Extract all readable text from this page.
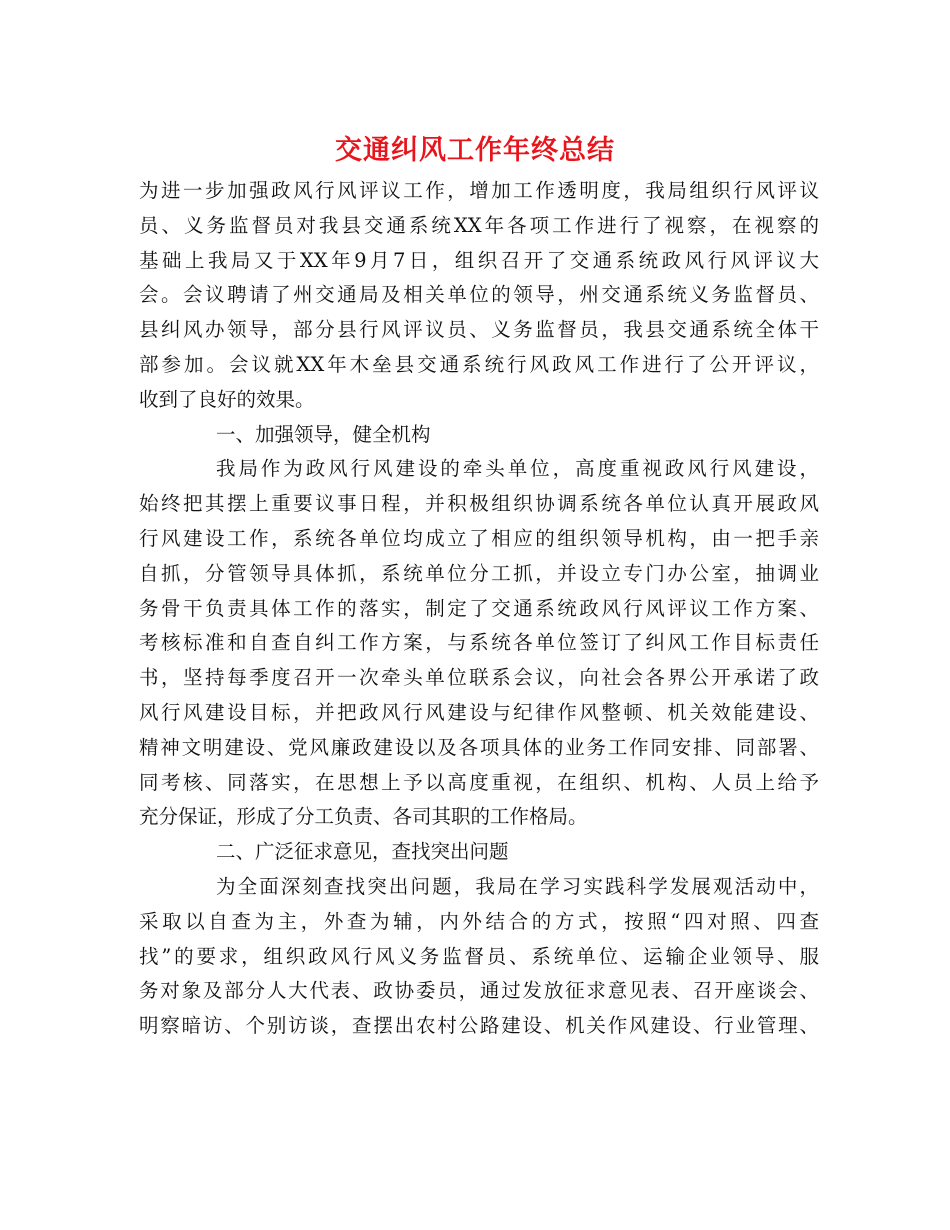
交通纠风工作年终总结
为进一步加强政风行风评议工作，增加工作透明度，我局组织行风评议
员、义务监督员对我县交通系统XX年各项工作进行了视察，在视察的
基础上我局又于XX年9月7日，组织召开了交通系统政风行风评议大
会。会议聘请了州交通局及相关单位的领导，州交通系统义务监督员、
县纠风办领导，部分县行风评议员、义务监督员，我县交通系统全体干
部参加。会议就XX年木垒县交通系统行风政风工作进行了公开评议，
收到了良好的效果。
一、加强领导，健全机构
我局作为政风行风建设的牵头单位，高度重视政风行风建设，
始终把其摆上重要议事日程，并积极组织协调系统各单位认真开展政风
行风建设工作，系统各单位均成立了相应的组织领导机构，由一把手亲
自抓，分管领导具体抓，系统单位分工抓，并设立专门办公室，抽调业
务骨干负责具体工作的落实，制定了交通系统政风行风评议工作方案、
考核标准和自查自纠工作方案，与系统各单位签订了纠风工作目标责任
书，坚持每季度召开一次牵头单位联系会议，向社会各界公开承诺了政
风行风建设目标，并把政风行风建设与纪律作风整顿、机关效能建设、
精神文明建设、党风廉政建设以及各项具体的业务工作同安排、同部署、
同考核、同落实，在思想上予以高度重视，在组织、机构、人员上给予
充分保证，形成了分工负责、各司其职的工作格局。
二、广泛征求意见，查找突出问题
为全面深刻查找突出问题，我局在学习实践科学发展观活动中，
采取以自查为主，外查为辅，内外结合的方式，按照“四对照、四查
找”的要求，组织政风行风义务监督员、系统单位、运输企业领导、服
务对象及部分人大代表、政协委员，通过发放征求意见表、召开座谈会、
明察暗访、个别访谈，查摆出农村公路建设、机关作风建设、行业管理、
